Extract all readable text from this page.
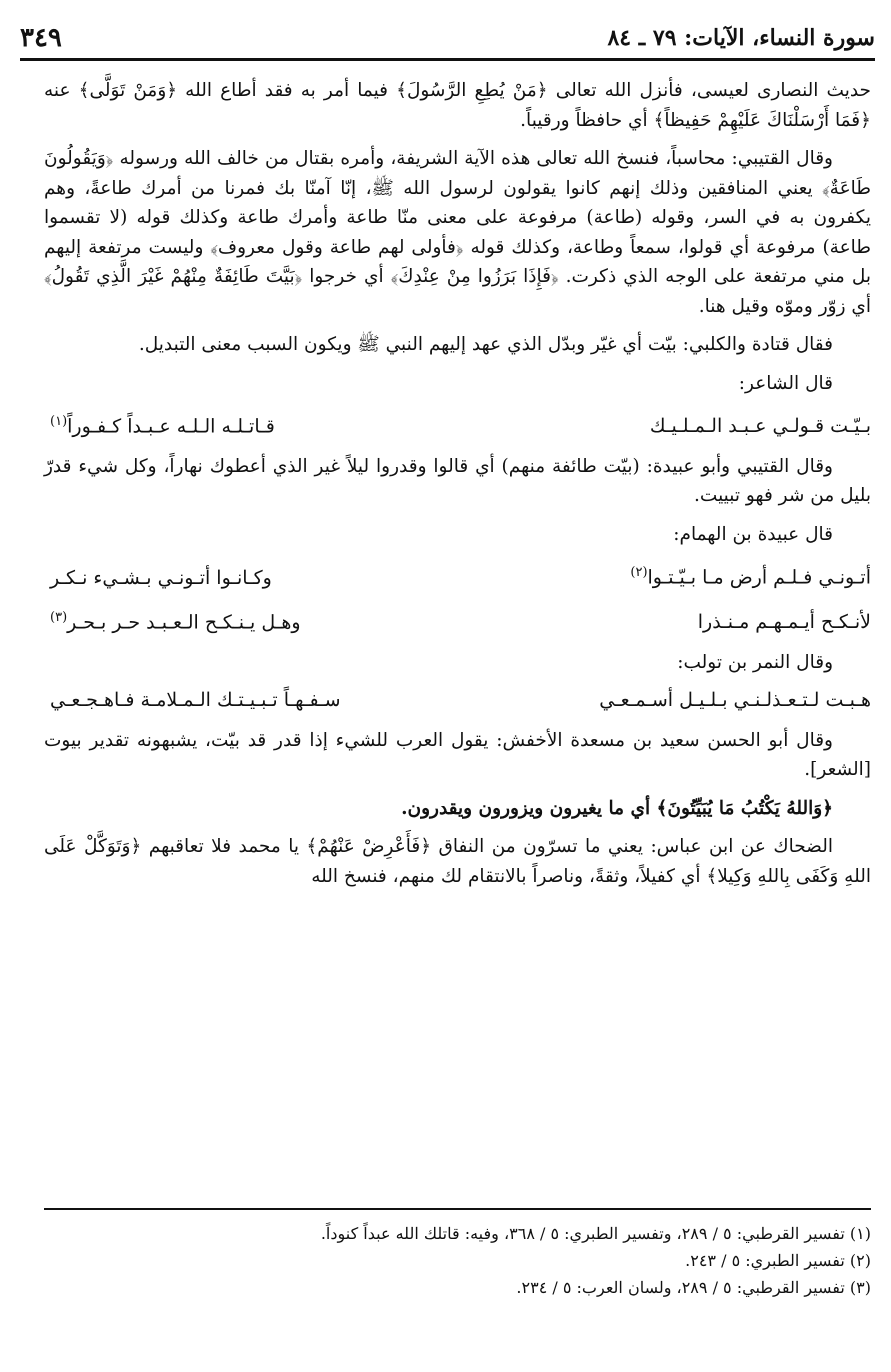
سورة النساء، الآيات: ٧٩ ـ ٨٤
٣٤٩

حديث النصارى لعيسى، فأنزل الله تعالى ﴿مَنْ يُطِعِ الرَّسُولَ﴾ فيما أمر به فقد أطاع الله ﴿وَمَنْ تَوَلَّى﴾ عنه ﴿فَمَا أَرْسَلْنَاكَ عَلَيْهِمْ حَفِيظاً﴾ أي حافظاً ورقيباً.

وقال القتيبي: محاسباً، فنسخ الله تعالى هذه الآية الشريفة، وأمره بقتال من خالف الله ورسوله ﴿وَيَقُولُونَ طَاعَةٌ﴾ يعني المنافقين وذلك إنهم كانوا يقولون لرسول الله ﷺ، إنّا آمنّا بك فمرنا من أمرك طاعةً، وهم يكفرون به في السر، وقوله (طاعة) مرفوعة على معنى منّا طاعة وأمرك طاعة وكذلك قوله (لا تقسموا طاعة) مرفوعة أي قولوا، سمعاً وطاعة، وكذلك قوله ﴿فأولى لهم طاعة وقول معروف﴾ وليست مرتفعة إليهم بل مني مرتفعة على الوجه الذي ذكرت. ﴿فَإِذَا بَرَزُوا مِنْ عِنْدِكَ﴾ أي خرجوا ﴿بَيَّتَ طَائِفَةٌ مِنْهُمْ غَيْرَ الَّذِي تَقُولُ﴾ أي زوّر وموّه وقيل هنا.

فقال قتادة والكلبي: بيّت أي غيّر وبدّل الذي عهد إليهم النبي ﷺ ويكون السبب معنى التبديل.

قال الشاعر:

بـيّـت قـولـي عـبـد الـمـلـيـك
قـاتـلـه الـلـه عـبـداً كـفـوراً$^{(١)}$

وقال القتيبي وأبو عبيدة: (بيّت طائفة منهم) أي قالوا وقدروا ليلاً غير الذي أعطوك نهاراً، وكل شيء قدرّ بليل من شر فهو تبييت.

قال عبيدة بن الهمام:

أتـونـي فـلـم أرض مـا بـيّـتـوا$^{(٢)}$
وكـانـوا أتـونـي بـشـيء نـكـر
لأنـكـح أيـمـهـم مـنـذرا
وهـل يـنـكـح الـعـبـد حـر بـحـر$^{(٣)}$

وقال النمر بن تولب:

هـبـت لـتـعـذلـنـي بـلـيـل أسـمـعـي
سـفـهـاً تـبـيـتـك الـمـلامـة فـاهـجـعـي

وقال أبو الحسن سعيد بن مسعدة الأخفش: يقول العرب للشيء إذا قدر قد بيّت، يشبهونه تقدير بيوت [الشعر].

﴿وَاللهُ يَكْتُبُ مَا يُبَيِّتُونَ﴾ أي ما يغيرون ويزورون ويقدرون.

الضحاك عن ابن عباس: يعني ما تسرّون من النفاق ﴿فَأَعْرِضْ عَنْهُمْ﴾ يا محمد فلا تعاقبهم ﴿وَتَوَكَّلْ عَلَى اللهِ وَكَفَى بِاللهِ وَكِيلا﴾ أي كفيلاً، وثقةً، وناصراً بالانتقام لك منهم، فنسخ الله

(١) تفسير القرطبي: ٥ / ٢٨٩، وتفسير الطبري: ٥ / ٣٦٨، وفيه: قاتلك الله عبداً كنوداً.
(٢) تفسير الطبري: ٥ / ٢٤٣.
(٣) تفسير القرطبي: ٥ / ٢٨٩، ولسان العرب: ٥ / ٢٣٤.
